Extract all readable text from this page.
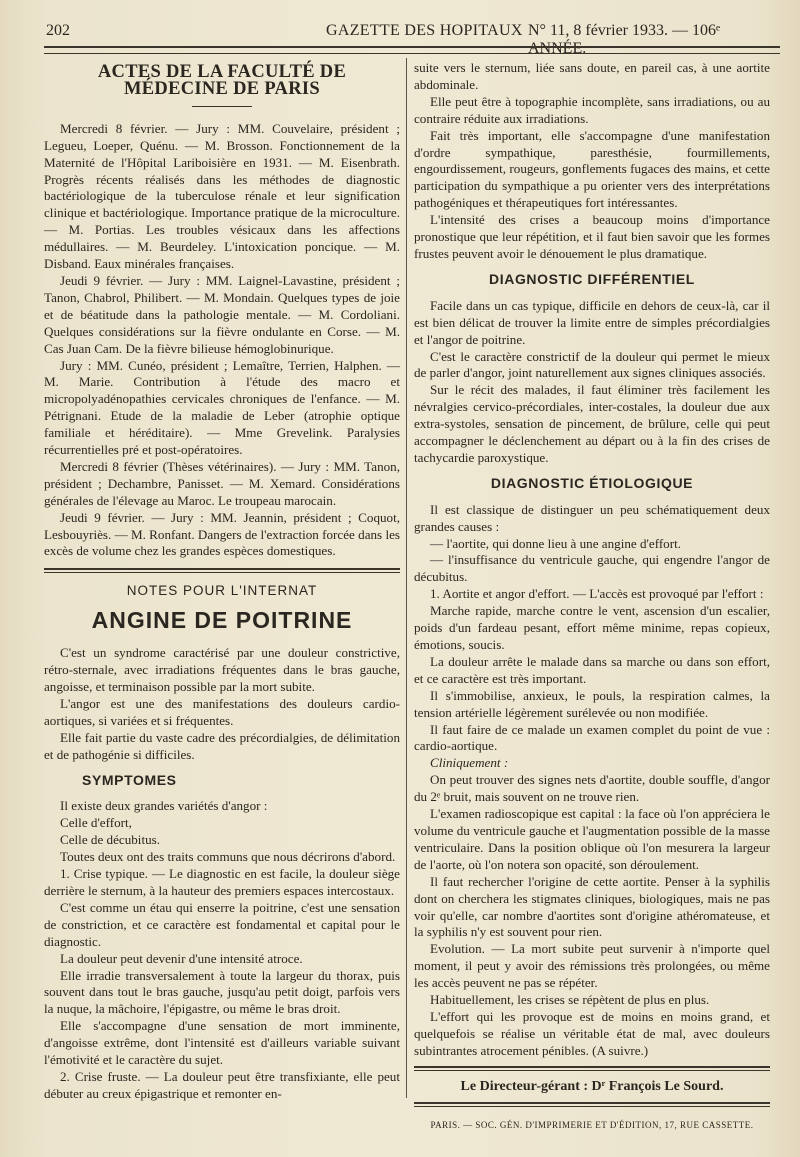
202	GAZETTE DES HOPITAUX N° 11, 8 février 1933. — 106ᵉ ANNÉE.
ACTES DE LA FACULTÉ DE MÉDECINE DE PARIS

Mercredi 8 février. — Jury : MM. Couvelaire, président ; Legueu, Loeper, Quénu. — M. Brosson. Fonctionnement de la Maternité de l'Hôpital Lariboisière en 1931. — M. Eisenbrath. Progrès récents réalisés dans les méthodes de diagnostic bactériologique de la tuberculose rénale et leur signification clinique et bactériologique. Importance pratique de la microculture. — M. Portias. Les troubles vésicaux dans les affections médullaires. — M. Beurdeley. L'intoxication poncique. — M. Disband. Eaux minérales françaises.

Jeudi 9 février. — Jury : MM. Laignel-Lavastine, président ; Tanon, Chabrol, Philibert. — M. Mondain. Quelques types de joie et de béatitude dans la pathologie mentale. — M. Cordoliani. Quelques considérations sur la fièvre ondulante en Corse. — M. Cas Juan Cam. De la fièvre bilieuse hémoglobinurique.

Jury : MM. Cunéo, président ; Lemaître, Terrien, Halphen. — M. Marie. Contribution à l'étude des macro et micropolyadénopathies cervicales chroniques de l'enfance. — M. Pétrignani. Etude de la maladie de Leber (atrophie optique familiale et héréditaire). — Mme Grevelink. Paralysies récurrentielles pré et post-opératoires.

Mercredi 8 février (Thèses vétérinaires). — Jury : MM. Tanon, président ; Dechambre, Panisset. — M. Xemard. Considérations générales de l'élevage au Maroc. Le troupeau marocain.

Jeudi 9 février. — Jury : MM. Jeannin, président ; Coquot, Lesbouyriès. — M. Ronfant. Dangers de l'extraction forcée dans les excès de volume chez les grandes espèces domestiques.

NOTES POUR L'INTERNAT
ANGINE DE POITRINE

C'est un syndrome caractérisé par une douleur constrictive, rétro-sternale, avec irradiations fréquentes dans le bras gauche, angoisse, et terminaison possible par la mort subite.

L'angor est une des manifestations des douleurs cardio-aortiques, si variées et si fréquentes.

Elle fait partie du vaste cadre des précordialgies, de délimitation et de pathogénie si difficiles.

SYMPTOMES

Il existe deux grandes variétés d'angor :

Celle d'effort,

Celle de décubitus.

Toutes deux ont des traits communs que nous décrirons d'abord.

1. Crise typique. — Le diagnostic en est facile, la douleur siège derrière le sternum, à la hauteur des premiers espaces intercostaux.

C'est comme un étau qui enserre la poitrine, c'est une sensation de constriction, et ce caractère est fondamental et capital pour le diagnostic.

La douleur peut devenir d'une intensité atroce.

Elle irradie transversalement à toute la largeur du thorax, puis souvent dans tout le bras gauche, jusqu'au petit doigt, parfois vers la nuque, la mâchoire, l'épigastre, ou même le bras droit.

Elle s'accompagne d'une sensation de mort imminente, d'angoisse extrême, dont l'intensité est d'ailleurs variable suivant l'émotivité et le caractère du sujet.

2. Crise fruste. — La douleur peut être transfixiante, elle peut débuter au creux épigastrique et remonter en-

suite vers le sternum, liée sans doute, en pareil cas, à une aortite abdominale.

Elle peut être à topographie incomplète, sans irradiations, ou au contraire réduite aux irradiations.

Fait très important, elle s'accompagne d'une manifestation d'ordre sympathique, paresthésie, fourmillements, engourdissement, rougeurs, gonflements fugaces des mains, et cette participation du sympathique a pu orienter vers des interprétations pathogéniques et thérapeutiques fort intéressantes.

L'intensité des crises a beaucoup moins d'importance pronostique que leur répétition, et il faut bien savoir que les formes frustes peuvent avoir le dénouement le plus dramatique.

DIAGNOSTIC DIFFÉRENTIEL

Facile dans un cas typique, difficile en dehors de ceux-là, car il est bien délicat de trouver la limite entre de simples précordialgies et l'angor de poitrine.

C'est le caractère constrictif de la douleur qui permet le mieux de parler d'angor, joint naturellement aux signes cliniques associés.

Sur le récit des malades, il faut éliminer très facilement les névralgies cervico-précordiales, inter-costales, la douleur due aux extra-systoles, sensation de pincement, de brûlure, celle qui peut accompagner le déclenchement au départ ou à la fin des crises de tachycardie paroxystique.

DIAGNOSTIC ÉTIOLOGIQUE

Il est classique de distinguer un peu schématiquement deux grandes causes :

— l'aortite, qui donne lieu à une angine d'effort.

— l'insuffisance du ventricule gauche, qui engendre l'angor de décubitus.

1. Aortite et angor d'effort. — L'accès est provoqué par l'effort :

Marche rapide, marche contre le vent, ascension d'un escalier, poids d'un fardeau pesant, effort même minime, repas copieux, émotions, soucis.

La douleur arrête le malade dans sa marche ou dans son effort, et ce caractère est très important.

Il s'immobilise, anxieux, le pouls, la respiration calmes, la tension artérielle légèrement surélevée ou non modifiée.

Il faut faire de ce malade un examen complet du point de vue : cardio-aortique.

Cliniquement :

On peut trouver des signes nets d'aortite, double souffle, d'angor du 2ᵉ bruit, mais souvent on ne trouve rien.

L'examen radioscopique est capital : la face où l'on appréciera le volume du ventricule gauche et l'augmentation possible de la masse ventriculaire. Dans la position oblique où l'on mesurera la largeur de l'aorte, où l'on notera son opacité, son déroulement.

Il faut rechercher l'origine de cette aortite. Penser à la syphilis dont on cherchera les stigmates cliniques, biologiques, mais ne pas voir qu'elle, car nombre d'aortites sont d'origine athéromateuse, et la syphilis n'y est souvent pour rien.

Evolution. — La mort subite peut survenir à n'importe quel moment, il peut y avoir des rémissions très prolongées, ou même les accès peuvent ne pas se répéter.

Habituellement, les crises se répètent de plus en plus.

L'effort qui les provoque est de moins en moins grand, et quelquefois se réalise un véritable état de mal, avec douleurs subintrantes atrocement pénibles. (A suivre.)

Le Directeur-gérant : Dʳ François Le Sourd.
PARIS. — SOC. GÉN. D'IMPRIMERIE ET D'ÉDITION, 17, RUE CASSETTE.
